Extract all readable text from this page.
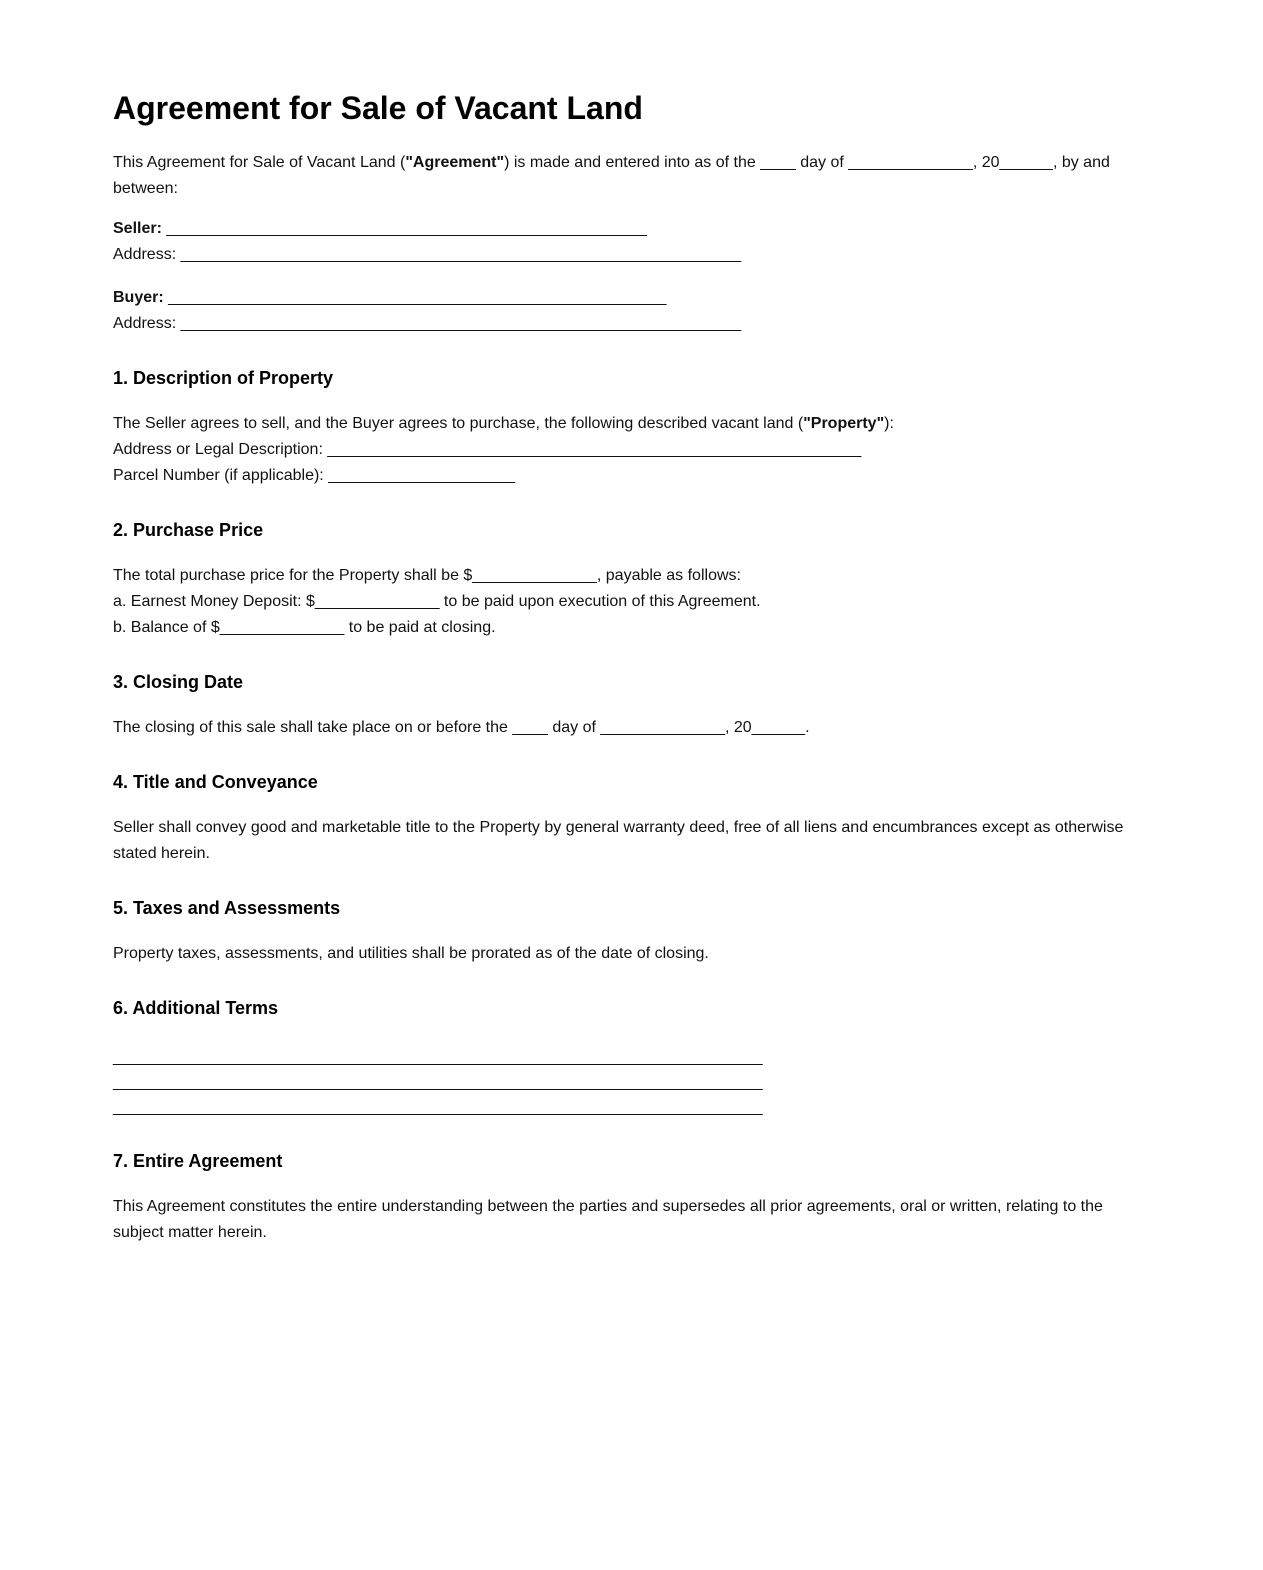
Agreement for Sale of Vacant Land

This Agreement for Sale of Vacant Land ("Agreement") is made and entered into as of the ____ day of ______________, 20______, by and between:

Seller: ______________________________________________________
Address: _______________________________________________________________
Buyer: ________________________________________________________
Address: _______________________________________________________________
1. Description of Property
The Seller agrees to sell, and the Buyer agrees to purchase, the following described vacant land ("Property"):
Address or Legal Description: ____________________________________________________________
Parcel Number (if applicable): _____________________
2. Purchase Price
The total purchase price for the Property shall be $______________, payable as follows:
a. Earnest Money Deposit: $______________ to be paid upon execution of this Agreement.
b. Balance of $______________ to be paid at closing.
3. Closing Date
The closing of this sale shall take place on or before the ____ day of ______________, 20______.
4. Title and Conveyance

Seller shall convey good and marketable title to the Property by general warranty deed, free of all liens and encumbrances except as otherwise stated herein.

5. Taxes and Assessments

Property taxes, assessments, and utilities shall be prorated as of the date of closing.

6. Additional Terms
_________________________________________________________________________
_________________________________________________________________________
_________________________________________________________________________
7. Entire Agreement

This Agreement constitutes the entire understanding between the parties and supersedes all prior agreements, oral or written, relating to the subject matter herein.
